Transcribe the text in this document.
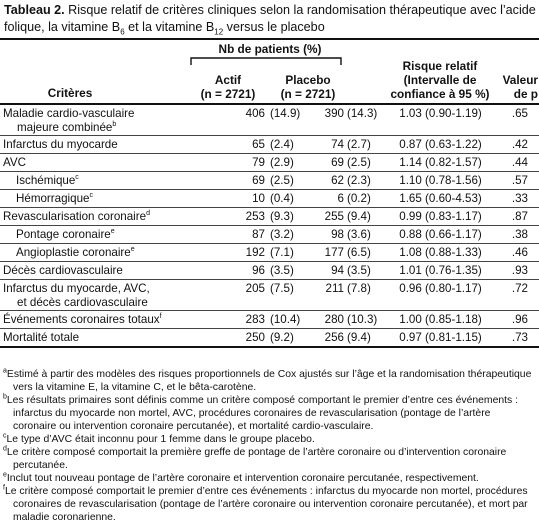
Tableau 2. Risque relatif de critères cliniques selon la randomisation thérapeutique avec l’acide folique, la vitamine $B_6$ et la vitamine $B_{12}$ versus le placebo
Nb de patients (%)
Critères
Actif
(n = 2721)
Placebo
(n = 2721)
Risque relatif
(Intervalle de
confiance à 95 %)
Valeur
de p
Maladie cardio-vasculaire
majeure combinée$^b$
406 (14.9)	390 (14.3)	1.03 (0.90-1.19)	.65
Infarctus du myocarde	65 (2.4)	74 (2.7)	0.87 (0.63-1.22)	.42
AVC	79 (2.9)	69 (2.5)	1.14 (0.82-1.57)	.44
Ischémique$^c$	69 (2.5)	62 (2.3)	1.10 (0.78-1.56)	.57
Hémorragique$^c$	10 (0.4)	6 (0.2)	1.65 (0.60-4.53)	.33
Revascularisation coronaire$^d$	253 (9.3)	255 (9.4)	0.99 (0.83-1.17)	.87
Pontage coronaire$^e$	87 (3.2)	98 (3.6)	0.88 (0.66-1.17)	.38
Angioplastie coronaire$^e$	192 (7.1)	177 (6.5)	1.08 (0.88-1.33)	.46
Décès cardiovasculaire	96 (3.5)	94 (3.5)	1.01 (0.76-1.35)	.93
Infarctus du myocarde, AVC,
et décès cardiovasculaire
205 (7.5)	211 (7.8)	0.96 (0.80-1.17)	.72
Événements coronaires totaux$^f$	283 (10.4)	280 (10.3)	1.00 (0.85-1.18)	.96
Mortalité totale	250 (9.2)	256 (9.4)	0.97 (0.81-1.15)	.73
$^a$Estimé à partir des modèles des risques proportionnels de Cox ajustés sur l’âge et la randomisation thérapeutique vers la vitamine E, la vitamine C, et le bêta-carotène.
$^b$Les résultats primaires sont définis comme un critère composé comportant le premier d’entre ces événements : infarctus du myocarde non mortel, AVC, procédures coronaires de revascularisation (pontage de l’artère coronaire ou intervention coronaire percutanée), et mortalité cardio-vasculaire.
$^c$Le type d’AVC était inconnu pour 1 femme dans le groupe placebo.
$^d$Le critère composé comportait la première greffe de pontage de l’artère coronaire ou d’intervention coronaire percutanée.
$^e$Inclut tout nouveau pontage de l’artère coronaire et intervention coronaire percutanée, respectivement.
$^f$Le critère composé comportait le premier d’entre ces événements : infarctus du myocarde non mortel, procédures coronaires de revascularisation (pontage de l’artère coronaire ou intervention coronaire percutanée), et mort par maladie coronarienne.
